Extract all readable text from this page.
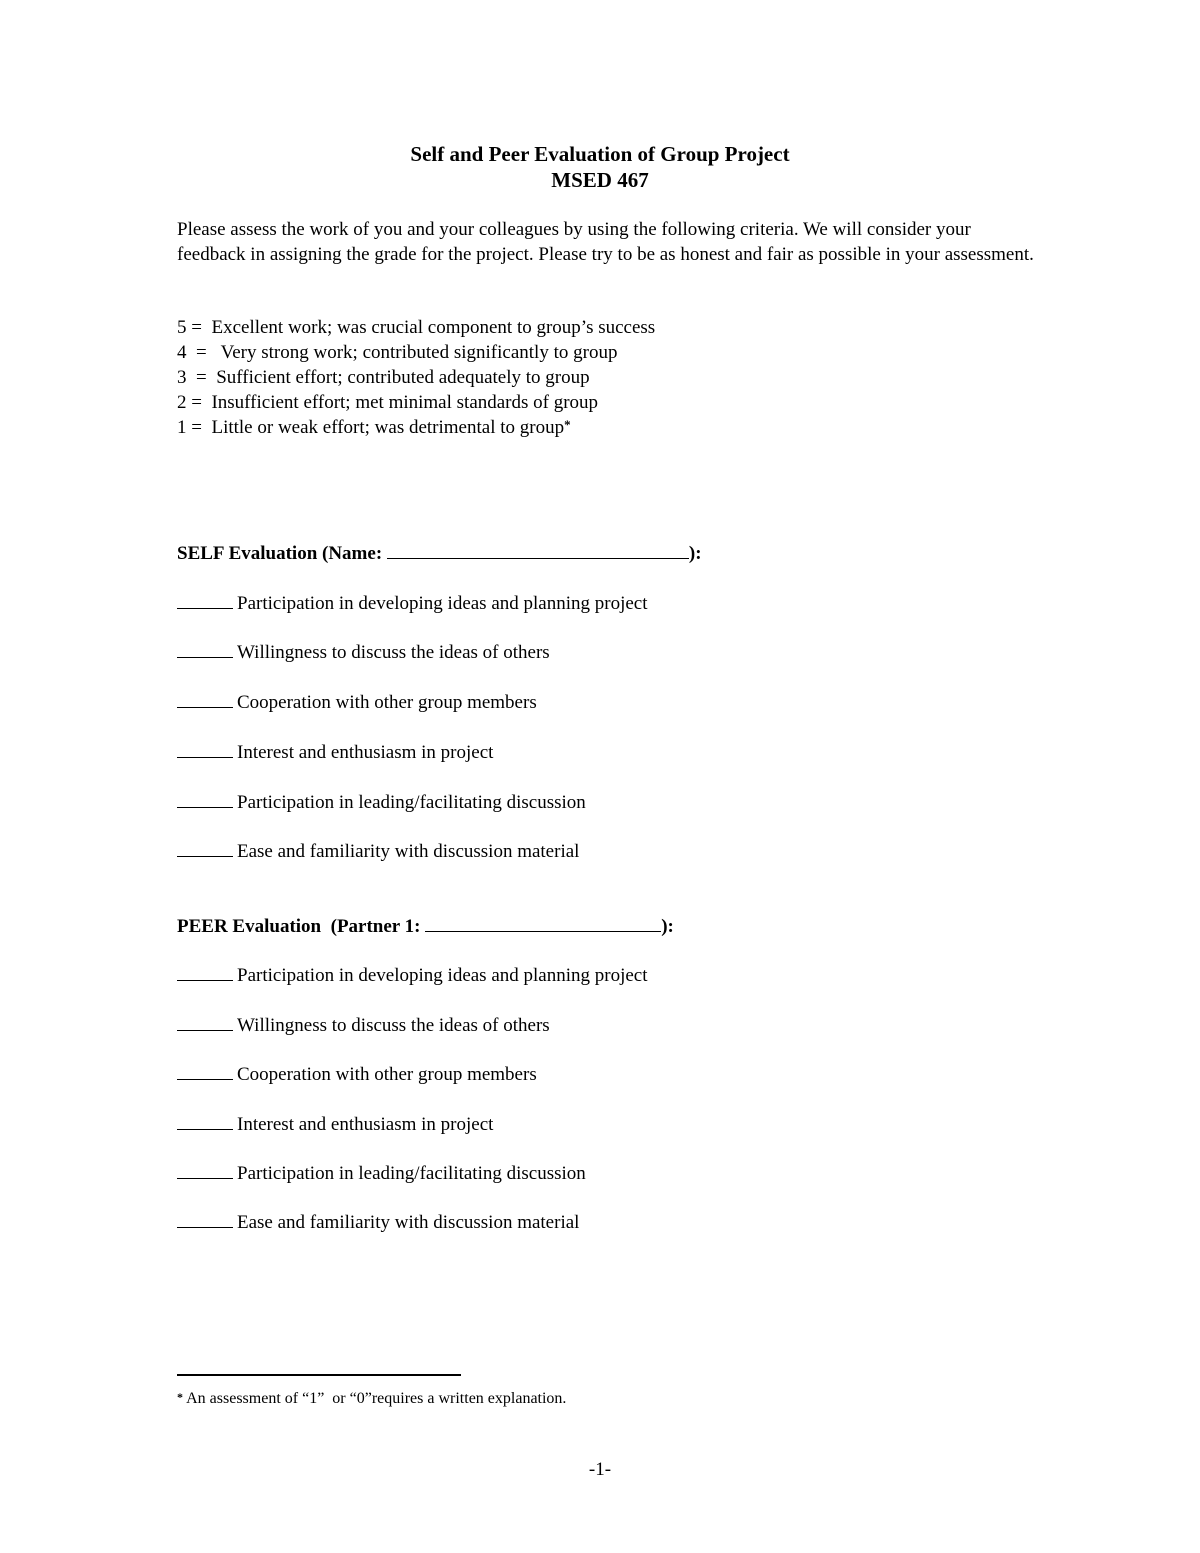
Self and Peer Evaluation of Group Project
MSED 467
Please assess the work of you and your colleagues by using the following criteria. We will consider your feedback in assigning the grade for the project. Please try to be as honest and fair as possible in your assessment.
5 =  Excellent work; was crucial component to group’s success
4  =   Very strong work; contributed significantly to group
3  =  Sufficient effort; contributed adequately to group
2 =  Insufficient effort; met minimal standards of group
1 =  Little or weak effort; was detrimental to group*
SELF Evaluation (Name:	):
Participation in developing ideas and planning project
Willingness to discuss the ideas of others
Cooperation with other group members
Interest and enthusiasm in project
Participation in leading/facilitating discussion
Ease and familiarity with discussion material
PEER Evaluation  (Partner 1:	):
Participation in developing ideas and planning project
Willingness to discuss the ideas of others
Cooperation with other group members
Interest and enthusiasm in project
Participation in leading/facilitating discussion
Ease and familiarity with discussion material
* An assessment of “1”  or “0”requires a written explanation.
-1-
